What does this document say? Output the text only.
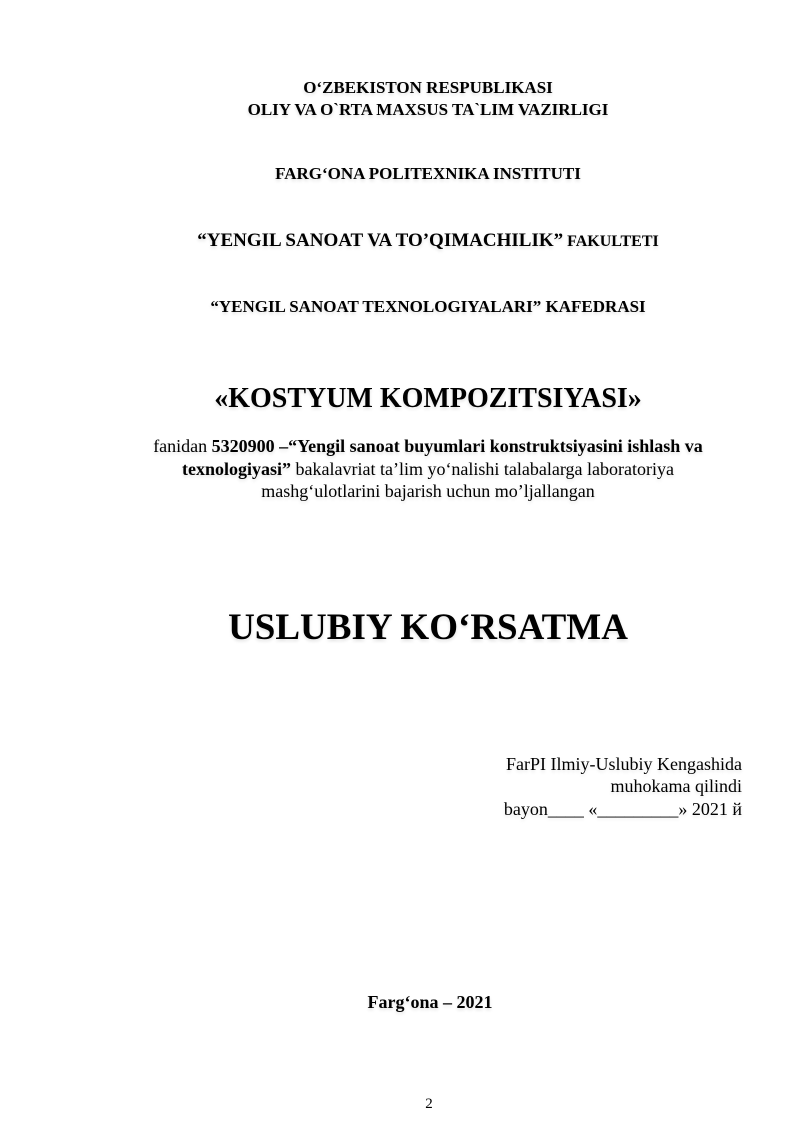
O‘ZBEKISTON RESPUBLIKASI
OLIY VA O`RTA MAXSUS TA`LIM VAZIRLIGI
FARG‘ONA POLITEXNIKA INSTITUTI
“YENGIL SANOAT VA TO’QIMACHILIK” FAKULTETI
“YENGIL SANOAT TEXNOLOGIYALARI” KAFEDRASI
«KOSTYUM KOMPOZITSIYASI»
fanidan 5320900 –“Yengil sanoat buyumlari konstruktsiyasini ishlash va
texnologiyasi” bakalavriat ta’lim yo‘nalishi talabalarga laboratoriya
mashg‘ulotlarini bajarish uchun mo’ljallangan
USLUBIY KO‘RSATMA
FarPI Ilmiy-Uslubiy Kengashida
muhokama qilindi
bayon____ «_________» 2021 й
Farg‘ona – 2021
2
